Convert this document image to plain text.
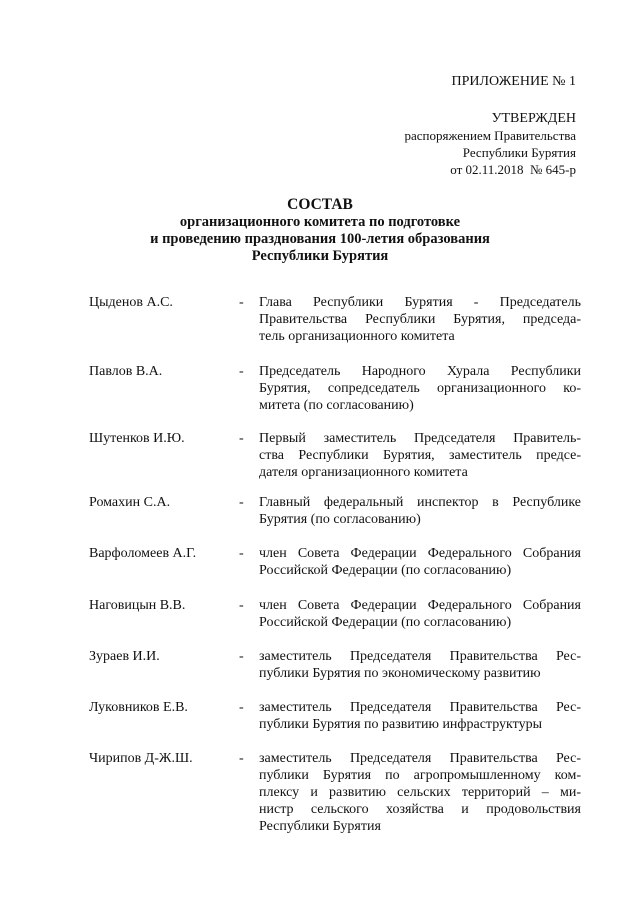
ПРИЛОЖЕНИЕ № 1
УТВЕРЖДЕН
распоряжением Правительства
Республики Бурятия
от 02.11.2018  № 645-р
СОСТАВ
организационного комитета по подготовке
и проведению празднования 100-летия образования
Республики Бурятия
Цыденов А.С.	-	Глава Республики Бурятия - Председатель
Правительства Республики Бурятия, председа-
тель организационного комитета
Павлов В.А.	-	Председатель Народного Хурала Республики
Бурятия, сопредседатель организационного ко-
митета (по согласованию)
Шутенков И.Ю.	-	Первый заместитель Председателя Правитель-
ства Республики Бурятия, заместитель предсе-
дателя организационного комитета
Ромахин С.А.	-	Главный федеральный инспектор в Республике
Бурятия (по согласованию)
Варфоломеев А.Г.	-	член Совета Федерации Федерального Собрания
Российской Федерации (по согласованию)
Наговицын В.В.	-	член Совета Федерации Федерального Собрания
Российской Федерации (по согласованию)
Зураев И.И.	-	заместитель Председателя Правительства Рес-
публики Бурятия по экономическому развитию
Луковников Е.В.	-	заместитель Председателя Правительства Рес-
публики Бурятия по развитию инфраструктуры
Чирипов Д-Ж.Ш.	-	заместитель Председателя Правительства Рес-
публики Бурятия по агропромышленному ком-
плексу и развитию сельских территорий – ми-
нистр сельского хозяйства и продовольствия
Республики Бурятия
